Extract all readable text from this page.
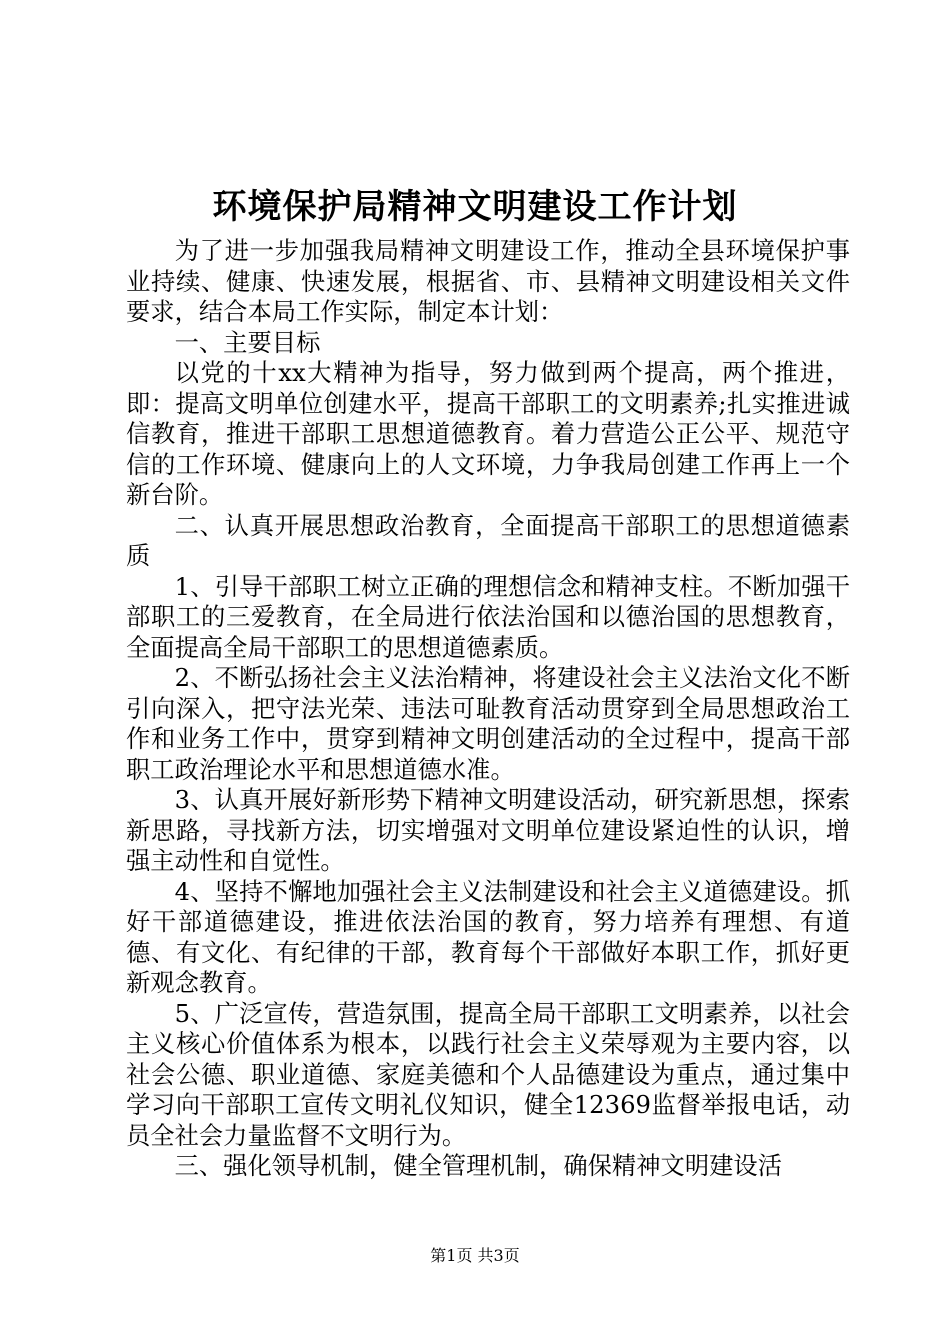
环境保护局精神文明建设工作计划

为了进一步加强我局精神文明建设工作，推动全县环境保护事业持续、健康、快速发展，根据省、市、县精神文明建设相关文件要求，结合本局工作实际，制定本计划：

一、主要目标

以党的十xx大精神为指导，努力做到两个提高，两个推进，即：提高文明单位创建水平，提高干部职工的文明素养;扎实推进诚信教育，推进干部职工思想道德教育。着力营造公正公平、规范守信的工作环境、健康向上的人文环境，力争我局创建工作再上一个新台阶。

二、认真开展思想政治教育，全面提高干部职工的思想道德素质

1、引导干部职工树立正确的理想信念和精神支柱。不断加强干部职工的三爱教育，在全局进行依法治国和以德治国的思想教育，全面提高全局干部职工的思想道德素质。

2、不断弘扬社会主义法治精神，将建设社会主义法治文化不断引向深入，把守法光荣、违法可耻教育活动贯穿到全局思想政治工作和业务工作中，贯穿到精神文明创建活动的全过程中，提高干部职工政治理论水平和思想道德水准。

3、认真开展好新形势下精神文明建设活动，研究新思想，探索新思路，寻找新方法，切实增强对文明单位建设紧迫性的认识，增强主动性和自觉性。

4、坚持不懈地加强社会主义法制建设和社会主义道德建设。抓好干部道德建设，推进依法治国的教育，努力培养有理想、有道德、有文化、有纪律的干部，教育每个干部做好本职工作，抓好更新观念教育。

5、广泛宣传，营造氛围，提高全局干部职工文明素养，以社会主义核心价值体系为根本，以践行社会主义荣辱观为主要内容，以社会公德、职业道德、家庭美德和个人品德建设为重点，通过集中学习向干部职工宣传文明礼仪知识，健全12369监督举报电话，动员全社会力量监督不文明行为。

三、强化领导机制，健全管理机制，确保精神文明建设活

第1页 共3页
